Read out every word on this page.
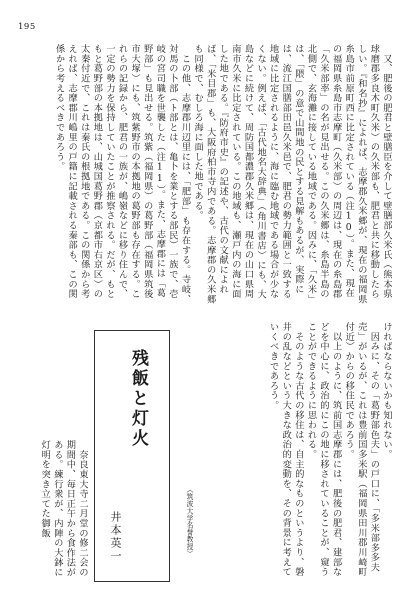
195
　又、肥後の肥君と壁膳臣を介して壁膳部久米氏（熊本県球磨郡多良木町久米）の久米部も、肥君と共に移動したらしい。『和名抄』によれば、志摩郡久米郷が、現在の福岡県糸島市前原町西に比定されている（注10）。また、現在の福岡県糸島市志摩町（久米部）の周辺は、現在の糸島郡「久米部率」の名が見出せる。この久米郷は、糸島半島の北側で、玄海灘に接している地域である。因みに、「久米」は、「隈」の意で山間地の民とする見解もあるが、実際には、流江国膳部田邑久米邑で、肥君の勢力範囲と一致する地域に比定されるように、海に臨む地域である場合が少なくない。例えば、「古代地名大辞典」（角川書店）にも、大島などに続けて、周防国都濃郡久米郷は、現在の山口県周南市久米に比定されている。この地域も、瀬戸内の海に面した地である。『防府市史』の記述や、古代の文献によれば、「米目郡」も、大阪府柏市寺内である。志摩郡の久米郷も同様で、むしろ海に面した地である。
　この他、志摩郡川辺里には、「肥部」も存在する。寺岐、対馬の卜部（ト部とは、亀卜を業とする部民）一族で、壱岐の宮司職を世襲した（注11）。また、志摩郡には「葛野部」も見出せる。筑紫（福岡県）の葛野部（福岡県筑後市大塚）にも、筑紫野市の本拠地の葛野部も存在する。これらの記録から、肥君の一族が、嶋嶺などに移り住んで、一定の勢力を保持していたことが推察される。だが、もともと葛野部の本拠地は、山城国葛野郡（京都市右京区）の太秦付近で、これは秦氏の根拠地である。この関係から考えれば、志摩郡川嶋里の戸籍に記載される秦部も、この関係から考えるべきであろう。
ければならないかも知れない。
　因みに、その「葛野部色夫」の戸口に、「多米部多多夫売」がいるが、これは豊前国多米駅（福岡県田川郡川崎町付近）からの移住民であろう。
　以上のように、筑前国志摩郡には、肥後の肥君、建部などを中心に、政治的にこの地に移されていることが、窺うことができるように思われる。
　そのような古代の移住は、自主的なものというより、磐井の乱などという大きな政治的変動を、その背景に考えていくべきであろう。
（筑波大学名誉教授）
残飯と灯火
井本英一
　奈良東大寺二月堂の修二会の期間中、毎日正午から食作法がある。練行衆が、内陣の大鉢に灯明を突き立てた御飯
